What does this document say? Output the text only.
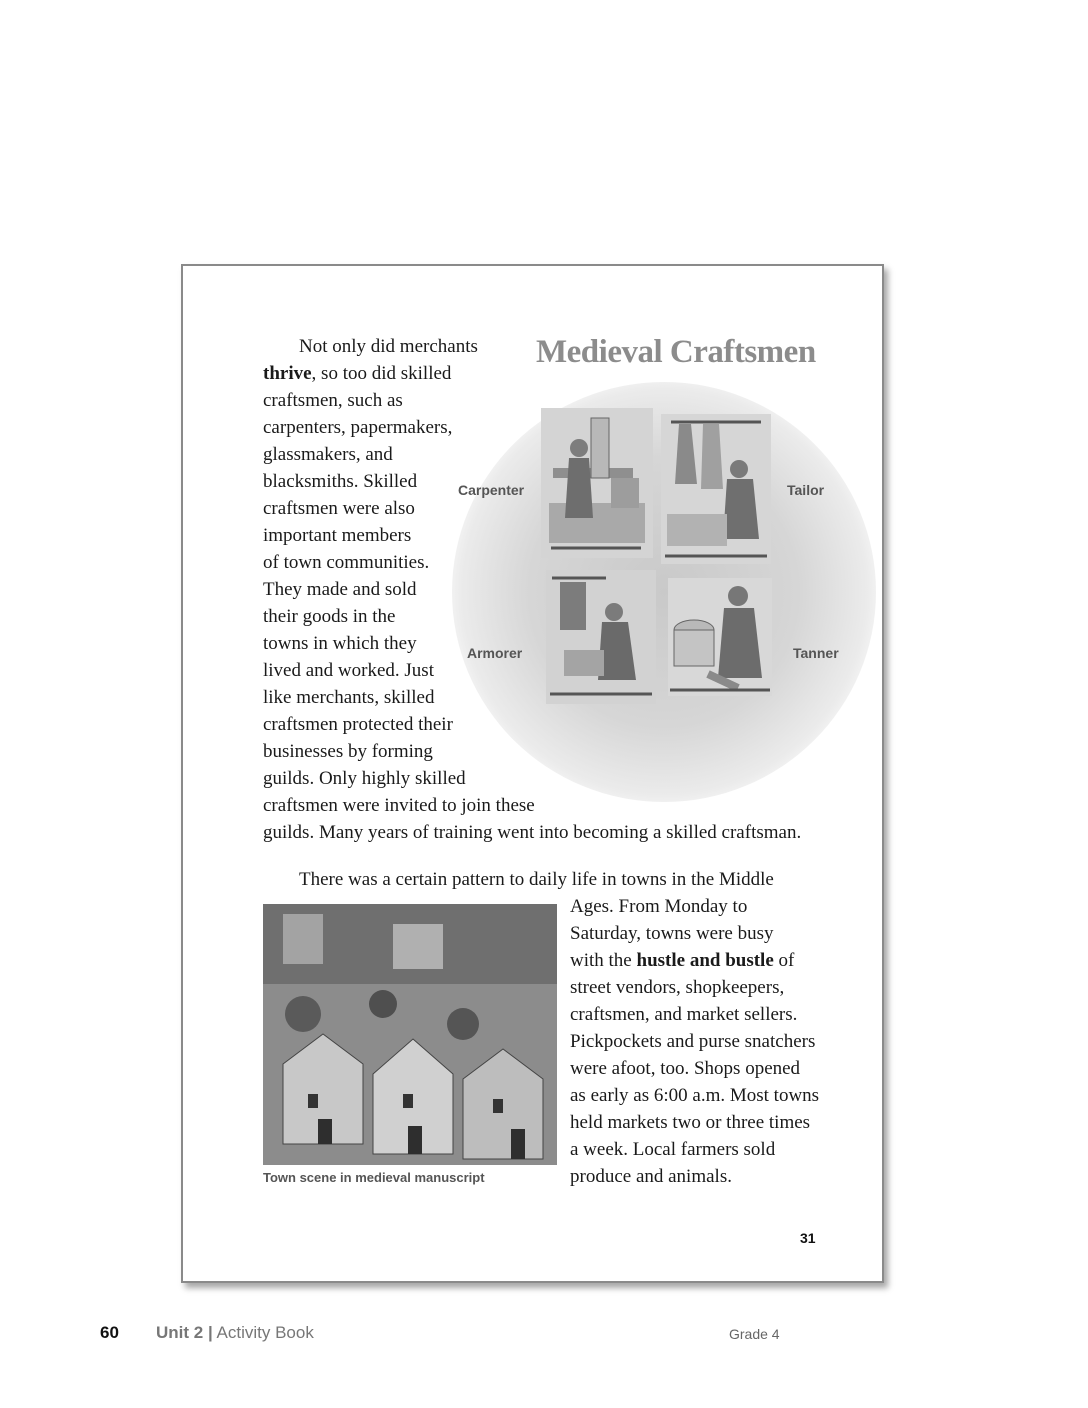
Medieval Craftsmen
Carpenter	Tailor
Armorer	Tanner
Not only did merchants
thrive, so too did skilled
craftsmen, such as
carpenters, papermakers,
glassmakers, and
blacksmiths. Skilled
craftsmen were also
important members
of town communities.
They made and sold
their goods in the
towns in which they
lived and worked. Just
like merchants, skilled
craftsmen protected their
businesses by forming
guilds. Only highly skilled
craftsmen were invited to join these
guilds. Many years of training went into becoming a skilled craftsman.
There was a certain pattern to daily life in towns in the Middle
Town scene in medieval manuscript
Ages. From Monday to
Saturday, towns were busy
with the hustle and bustle of
street vendors, shopkeepers,
craftsmen, and market sellers.
Pickpockets and purse snatchers
were afoot, too. Shops opened
as early as 6:00 a.m. Most towns
held markets two or three times
a week. Local farmers sold
produce and animals.
31
60 Unit 2 | Activity Book	Grade 4
